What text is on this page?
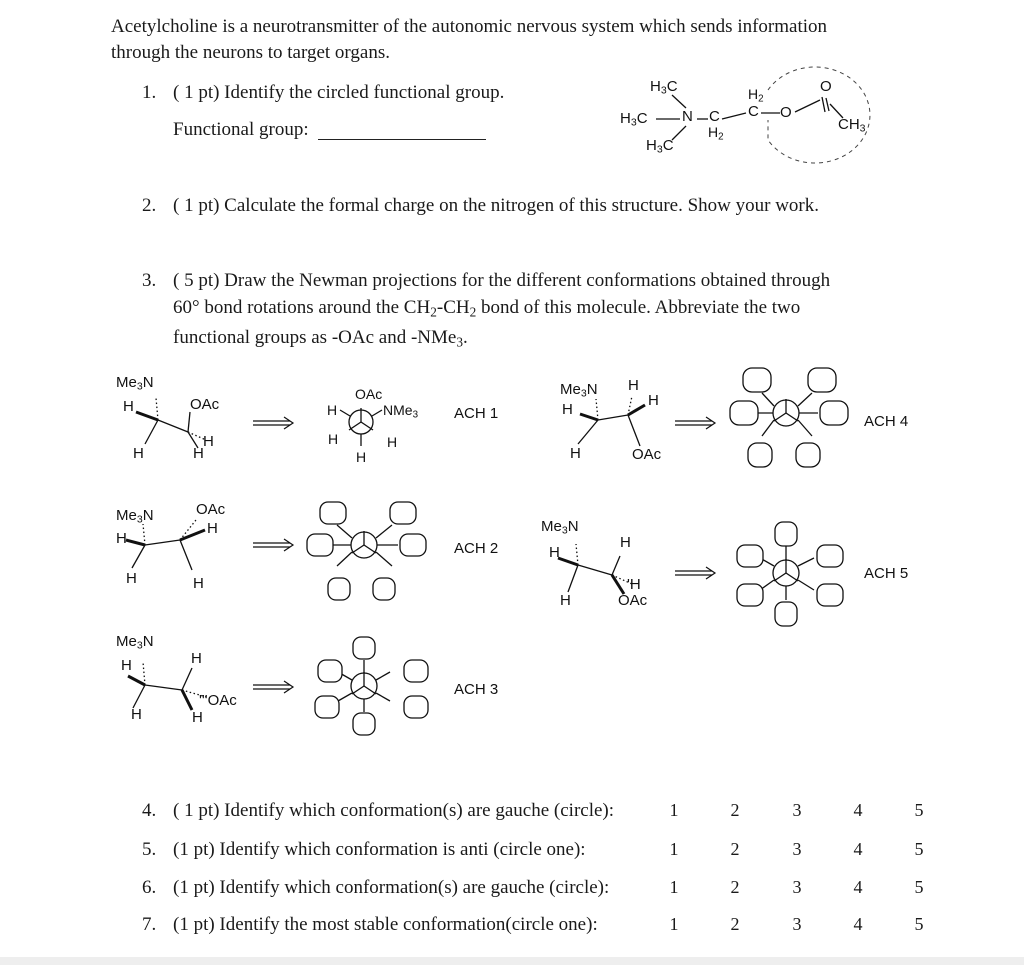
Acetylcholine is a neurotransmitter of the autonomic nervous system which sends information
through the neurons to target organs.
1. ( 1 pt) Identify the circled functional group.
Functional group:
2. ( 1 pt) Calculate the formal charge on the nitrogen of this structure. Show your work.
3. ( 5 pt) Draw the Newman projections for the different conformations obtained through
60° bond rotations around the $CH_2-CH_2$ bond of this molecule. Abbreviate the two
functional groups as -OAc and -NMe$_3$.
$H_3C$
$H_3C$
$H_3C$
N C
$H_2$
C
$H_2$
O
O
$CH_3$
$Me_3N$
H	OAc
H
H	H
OAc
NMe$_3$
H
H	H
H
$Me_3N$
H
OAc
H
H	H
$Me_3N$
H	H
'''OAc
H	H
$Me_3N$
H
H
H
H	OAc
$Me_3N$
H
H
'H
OAc
H
ACH 1
ACH 2
ACH 3
ACH 4
ACH 5
4. ( 1 pt) Identify which conformation(s) are gauche (circle):	1	2	3	4	5
5. (1 pt) Identify which conformation is anti (circle one):	1	2	3	4	5
6. (1 pt) Identify which conformation(s) are gauche (circle):	1	2	3	4	5
7. (1 pt) Identify the most stable conformation(circle one):	1	2	3	4	5
